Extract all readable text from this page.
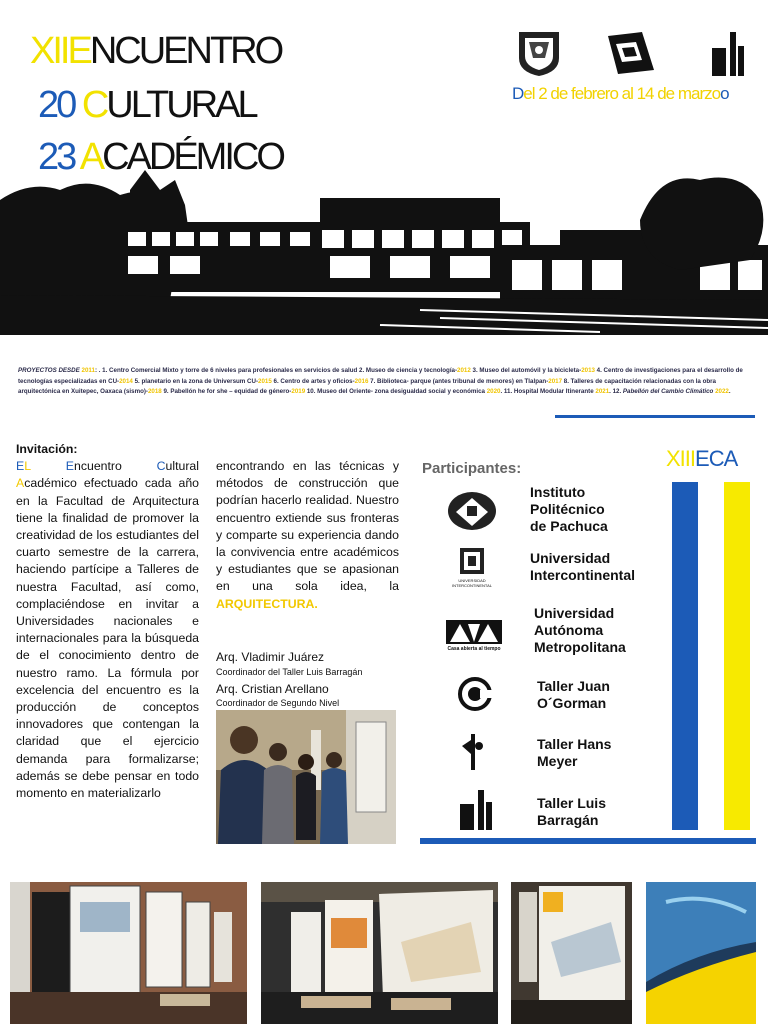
XIIENCUENTRO
20 CULTURAL
23 ACADÉMICO
Del 2 de febrero al 14 de marzoo
PROYECTOS DESDE 2011: . 1. Centro Comercial Mixto y torre de 6 niveles para profesionales en servicios de salud 2. Museo de ciencia y tecnología-2012 3. Museo del automóvil y la bicicleta-2013 4. Centro de investigaciones para el desarrollo de tecnologías especializadas en CU-2014 5. planetario en la zona de Universum CU-2015 6. Centro de artes y oficios-2016 7. Biblioteca- parque (antes tribunal de menores) en Tlalpan-2017 8. Talleres de capacitación relacionadas con la obra arquitectónica en Xuitepec, Oaxaca (sismo)-2018 9. Pabellón he for she – equidad de género-2019 10. Museo del Oriente- zona desigualdad social y económica 2020. 11. Hospital Modular Itinerante 2021. 12. Pabellón del Cambio Climático 2022.
Invitación:
EL	Encuentro	Cultural Académico efectuado cada año en la Facultad de Arquitectura tiene la finalidad de promover la creatividad de los estudiantes del cuarto semestre de la carrera, haciendo partícipe a Talleres de nuestra Facultad, así como, complaciéndose en invitar a Universidades nacionales e internacionales para la búsqueda de el conocimiento dentro de nuestro ramo. La fórmula por excelencia del encuentro es la producción de conceptos innovadores que contengan la claridad que el ejercicio demanda para formalizarse; además se debe pensar en todo momento en materializarlo
encontrando en las técnicas y métodos de construcción que podrían hacerlo realidad. Nuestro encuentro extiende sus fronteras y comparte su experiencia dando la convivencia entre académicos y estudiantes que se apasionan en una sola idea, la ARQUITECTURA.
Arq. Vladimir Juárez
Coordinador del Taller Luis Barragán
Arq. Cristian Arellano
Coordinador de Segundo Nivel
Participantes:
UNIVERSIDAD
INTERCONTINENTAL
Casa abierta al tiempo
Instituto
Politécnico
de Pachuca
Universidad
Intercontinental
Universidad
Autónoma
Metropolitana
Taller Juan
O´Gorman
Taller Hans
Meyer
Taller Luis
Barragán
XIIIECA
